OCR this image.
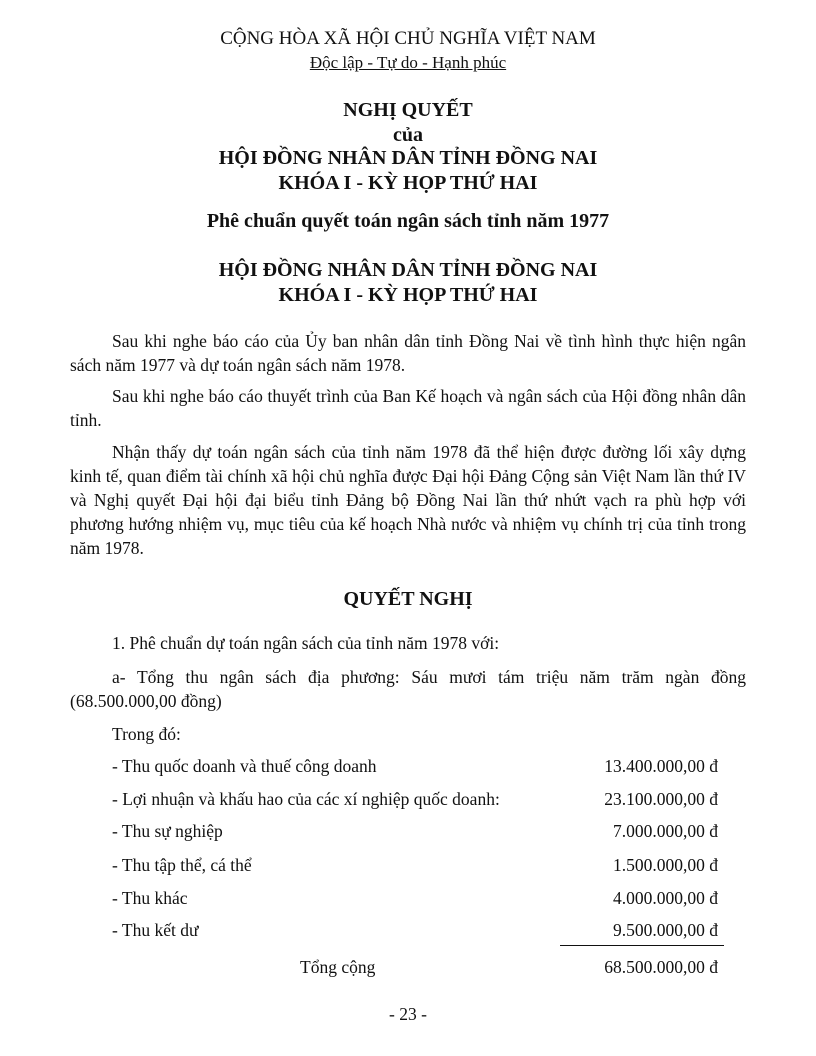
CỘNG HÒA XÃ HỘI CHỦ NGHĨA VIỆT NAM
Độc lập - Tự do - Hạnh phúc
NGHỊ QUYẾT
của
HỘI ĐỒNG NHÂN DÂN TỈNH ĐỒNG NAI
KHÓA I - KỲ HỌP THỨ HAI
Phê chuẩn quyết toán ngân sách tỉnh năm 1977
HỘI ĐỒNG NHÂN DÂN TỈNH ĐỒNG NAI
KHÓA I - KỲ HỌP THỨ HAI
Sau khi nghe báo cáo của Ủy ban nhân dân tỉnh Đồng Nai về tình hình thực hiện ngân sách năm 1977 và dự toán ngân sách năm 1978.
Sau khi nghe báo cáo thuyết trình của Ban Kế hoạch và ngân sách của Hội đồng nhân dân tỉnh.
Nhận thấy dự toán ngân sách của tỉnh năm 1978 đã thể hiện được đường lối xây dựng kinh tế, quan điểm tài chính xã hội chủ nghĩa được Đại hội Đảng Cộng sản Việt Nam lần thứ IV và Nghị quyết Đại hội đại biểu tỉnh Đảng bộ Đồng Nai lần thứ nhứt vạch ra phù hợp với phương hướng nhiệm vụ, mục tiêu của kế hoạch Nhà nước và nhiệm vụ chính trị của tỉnh trong năm 1978.
QUYẾT NGHỊ
1. Phê chuẩn dự toán ngân sách của tỉnh năm 1978 với:
a- Tổng thu ngân sách địa phương: Sáu mươi tám triệu năm trăm ngàn đồng (68.500.000,00 đồng)
Trong đó:
- Thu quốc doanh và thuế công doanh	13.400.000,00 đ
- Lợi nhuận và khấu hao của các xí nghiệp quốc doanh:	23.100.000,00 đ
- Thu sự nghiệp	7.000.000,00 đ
- Thu tập thể, cá thể	1.500.000,00 đ
- Thu khác	4.000.000,00 đ
- Thu kết dư	9.500.000,00 đ
Tổng cộng	68.500.000,00 đ
- 23 -
